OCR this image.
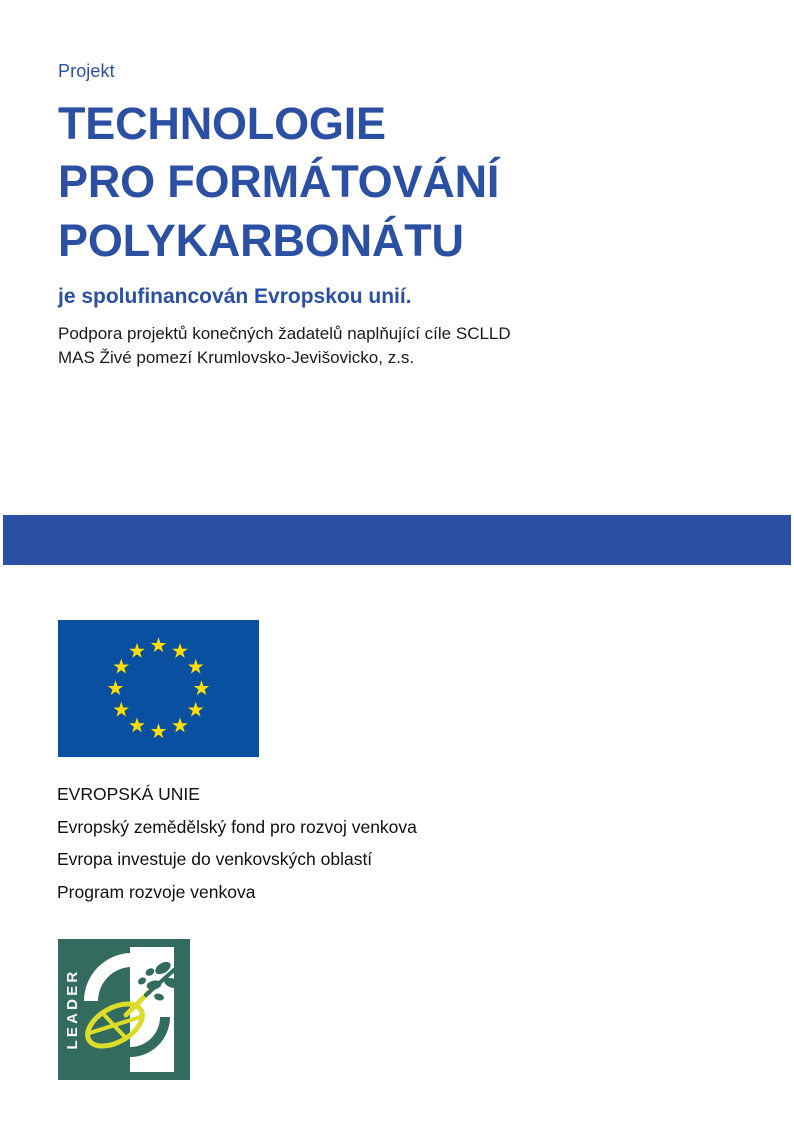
Projekt

TECHNOLOGIE
PRO FORMÁTOVÁNÍ
POLYKARBONÁTU

je spolufinancován Evropskou unií.

Podpora projektů konečných žadatelů naplňující cíle SCLLD
MAS Živé pomezí Krumlovsko-Jevišovicko, z.s.

EVROPSKÁ UNIE
Evropský zemědělský fond pro rozvoj venkova
Evropa investuje do venkovských oblastí
Program rozvoje venkova
LEADER
